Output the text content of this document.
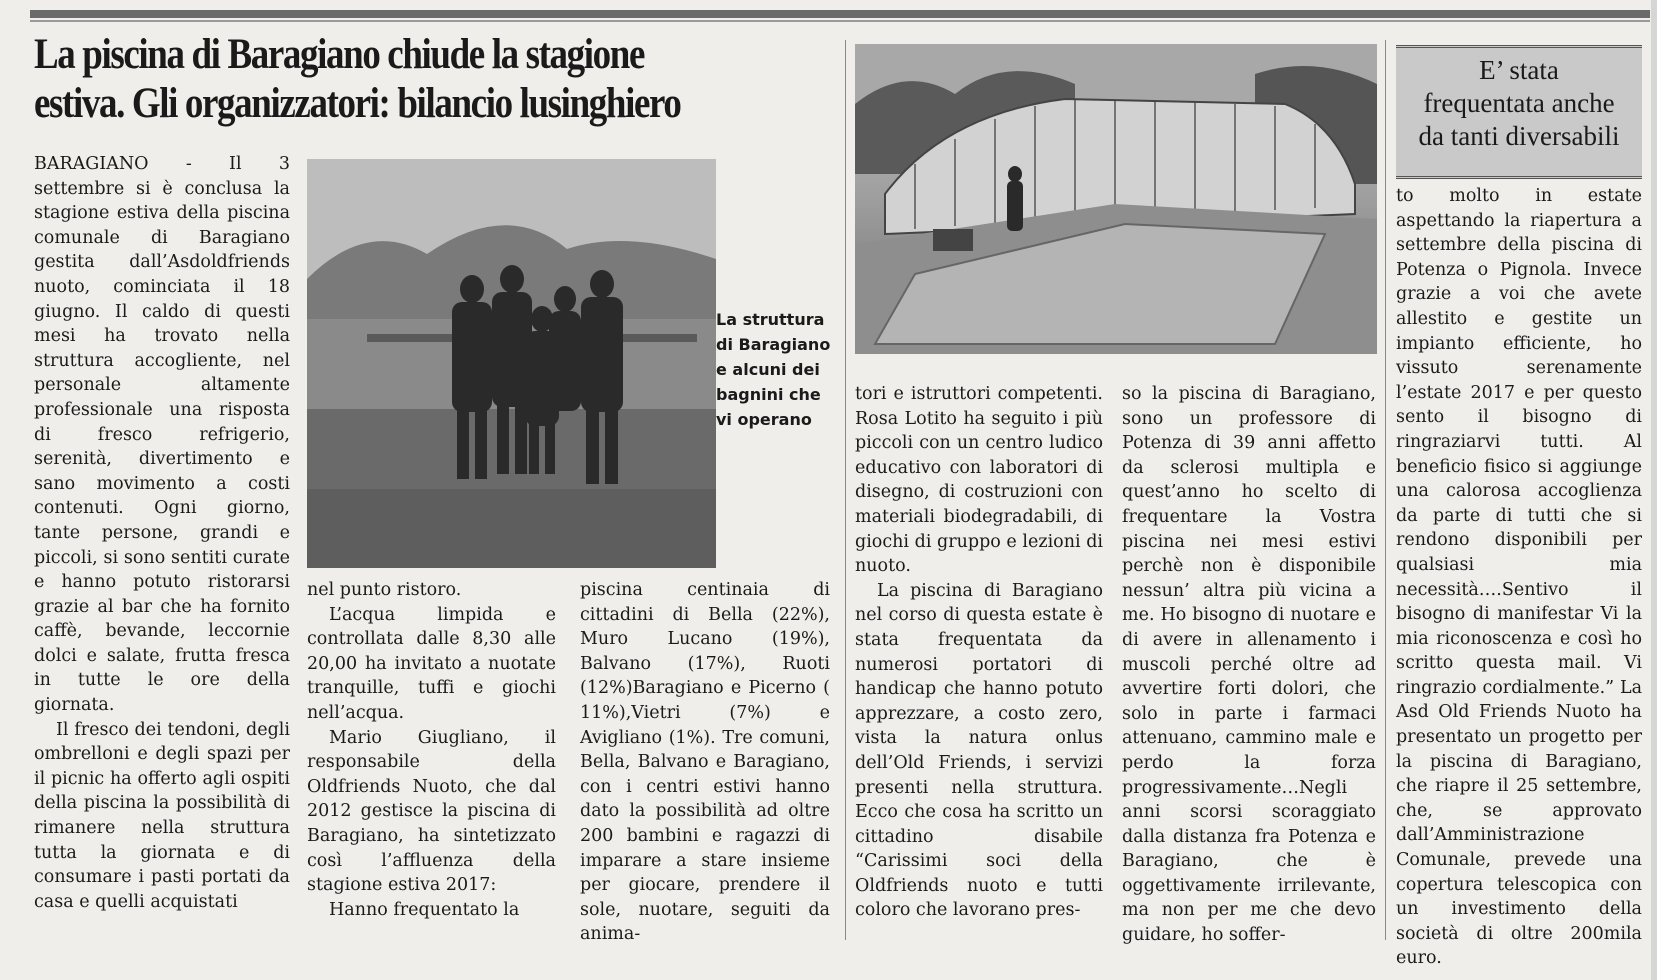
La piscina di Baragiano chiude la stagione
estiva. Gli organizzatori: bilancio lusinghiero
La struttura
di Baragiano
e alcuni dei
bagnini che
vi operano
E’ stata
frequentata anche
da tanti diversabili

BARAGIANO - Il 3 settembre si è conclusa la stagione estiva della piscina comunale di Baragiano gestita dall’Asdoldfriends nuoto, cominciata il 18 giugno. Il caldo di questi mesi ha trovato nella struttura accogliente, nel personale altamente professionale una risposta di fresco refrigerio, serenità, divertimento e sano movimento a costi contenuti. Ogni giorno, tante persone, grandi e piccoli, si sono sentiti curate e hanno potuto ristorarsi grazie al bar che ha fornito caffè, bevande, leccornie dolci e salate, frutta fresca in tutte le ore della giornata.

Il fresco dei tendoni, degli ombrelloni e degli spazi per il picnic ha offerto agli ospiti della piscina la possibilità di rimanere nella struttura tutta la giornata e di consumare i pasti portati da casa e quelli acquistati

nel punto ristoro.

L’acqua limpida e controllata dalle 8,30 alle 20,00 ha invitato a nuotate tranquille, tuffi e giochi nell’acqua.

Mario Giugliano, il responsabile della Oldfriends Nuoto, che dal 2012 gestisce la piscina di Baragiano, ha sintetizzato così l’affluenza della stagione estiva 2017:

Hanno frequentato la

piscina centinaia di cittadini di Bella (22%), Muro Lucano (19%), Balvano (17%), Ruoti (12%)Baragiano e Picerno ( 11%),Vietri (7%) e Avigliano (1%). Tre comuni, Bella, Balvano e Baragiano, con i centri estivi hanno dato la possibilità ad oltre 200 bambini e ragazzi di imparare a stare insieme per giocare, prendere il sole, nuotare, seguiti da anima-

tori e istruttori competenti. Rosa Lotito ha seguito i più piccoli con un centro ludico educativo con laboratori di disegno, di costruzioni con materiali biodegradabili, di giochi di gruppo e lezioni di nuoto.

La piscina di Baragiano nel corso di questa estate è stata frequentata da numerosi portatori di handicap che hanno potuto apprezzare, a costo zero, vista la natura onlus dell’Old Friends, i servizi presenti nella struttura. Ecco che cosa ha scritto un cittadino disabile “Carissimi soci della Oldfriends nuoto e tutti coloro che lavorano pres-

so la piscina di Baragiano, sono un professore di Potenza di 39 anni affetto da sclerosi multipla e quest’anno ho scelto di frequentare la Vostra piscina nei mesi estivi perchè non è disponibile nessun’ altra più vicina a me. Ho bisogno di nuotare e di avere in allenamento i muscoli perché oltre ad avvertire forti dolori, che solo in parte i farmaci attenuano, cammino male e perdo la forza progressivamente…Negli anni scorsi scoraggiato dalla distanza fra Potenza e Baragiano, che è oggettivamente irrilevante, ma non per me che devo guidare, ho soffer-

to molto in estate aspettando la riapertura a settembre della piscina di Potenza o Pignola. Invece grazie a voi che avete allestito e gestite un impianto efficiente, ho vissuto serenamente l’estate 2017 e per questo sento il bisogno di ringraziarvi tutti. Al beneficio fisico si aggiunge una calorosa accoglienza da parte di tutti che si rendono disponibili per qualsiasi mia necessità….Sentivo il bisogno di manifestar Vi la mia riconoscenza e così ho scritto questa mail. Vi ringrazio cordialmente.” La Asd Old Friends Nuoto ha presentato un progetto per la piscina di Baragiano, che riapre il 25 settembre, che, se approvato dall’Amministrazione Comunale, prevede una copertura telescopica con un investimento della società di oltre 200mila euro.
